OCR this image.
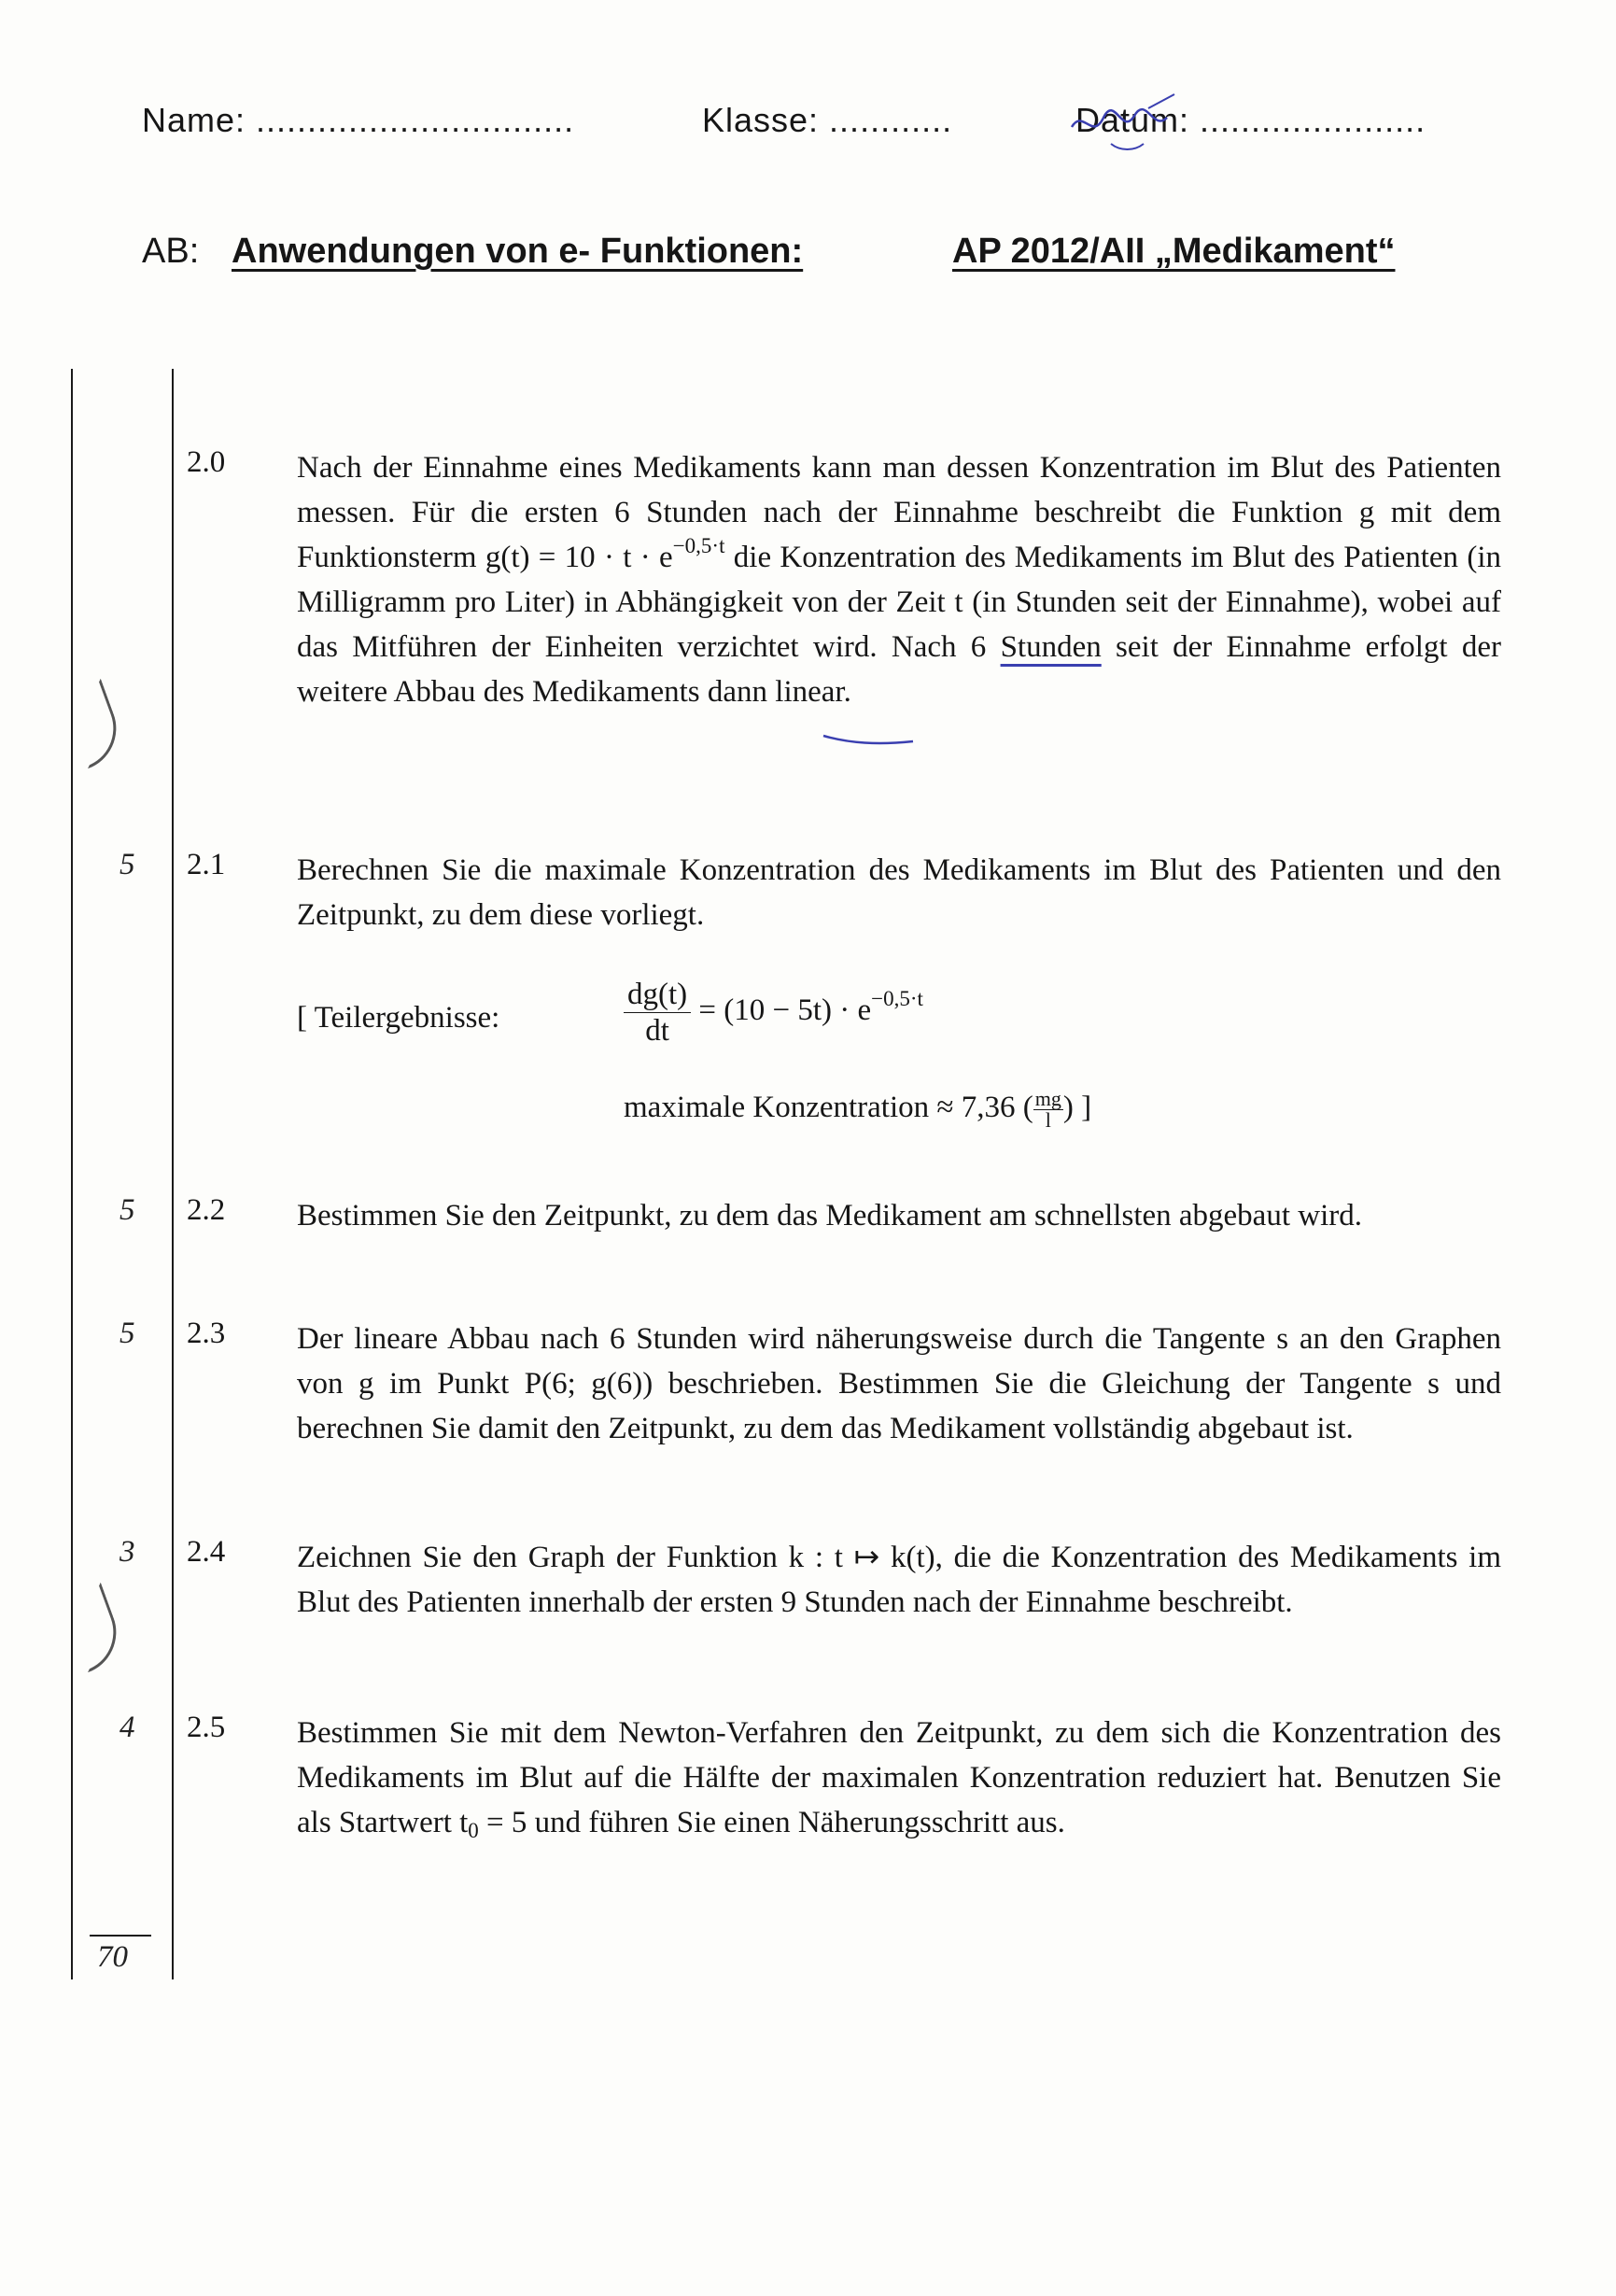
Name: ...............................	Klasse: ............	Datum: ......................
AB: Anwendungen von e- Funktionen:	AP 2012/AII „Medikament“
2.0 Nach der Einnahme eines Medikaments kann man dessen Konzentration im Blut des Patienten messen. Für die ersten 6 Stunden nach der Einnahme beschreibt die Funktion g mit dem Funktionsterm $g(t) = 10 \cdot t \cdot e^{-0,5\cdot t}$ die Konzentration des Medikaments im Blut des Patienten (in Milligramm pro Liter) in Abhängigkeit von der Zeit t (in Stunden seit der Einnahme), wobei auf das Mitführen der Einheiten verzichtet wird. Nach 6 Stunden seit der Einnahme erfolgt der weitere Abbau des Medikaments dann linear.
5 2.1 Berechnen Sie die maximale Konzentration des Medikaments im Blut des Patienten und den Zeitpunkt, zu dem diese vorliegt.
[ Teilergebnisse:	$\frac{dg(t)}{dt} = (10 - 5t) \cdot e^{-0,5\cdot t}$
maximale Konzentration ≈ 7,36 ( $\frac{mg}{l}$ ) ]
5 2.2 Bestimmen Sie den Zeitpunkt, zu dem das Medikament am schnellsten abgebaut wird.
5 2.3 Der lineare Abbau nach 6 Stunden wird näherungsweise durch die Tangente s an den Graphen von g im Punkt P(6; g(6)) beschrieben. Bestimmen Sie die Gleichung der Tangente s und berechnen Sie damit den Zeitpunkt, zu dem das Medikament vollständig abgebaut ist.
3 2.4 Zeichnen Sie den Graph der Funktion k : t ↦ k(t), die die Konzentration des Medikaments im Blut des Patienten innerhalb der ersten 9 Stunden nach der Einnahme beschreibt.
4 2.5 Bestimmen Sie mit dem Newton-Verfahren den Zeitpunkt, zu dem sich die Konzentration des Medikaments im Blut auf die Hälfte der maximalen Konzentration reduziert hat. Benutzen Sie als Startwert $t_0 = 5$ und führen Sie einen Näherungsschritt aus.
70
